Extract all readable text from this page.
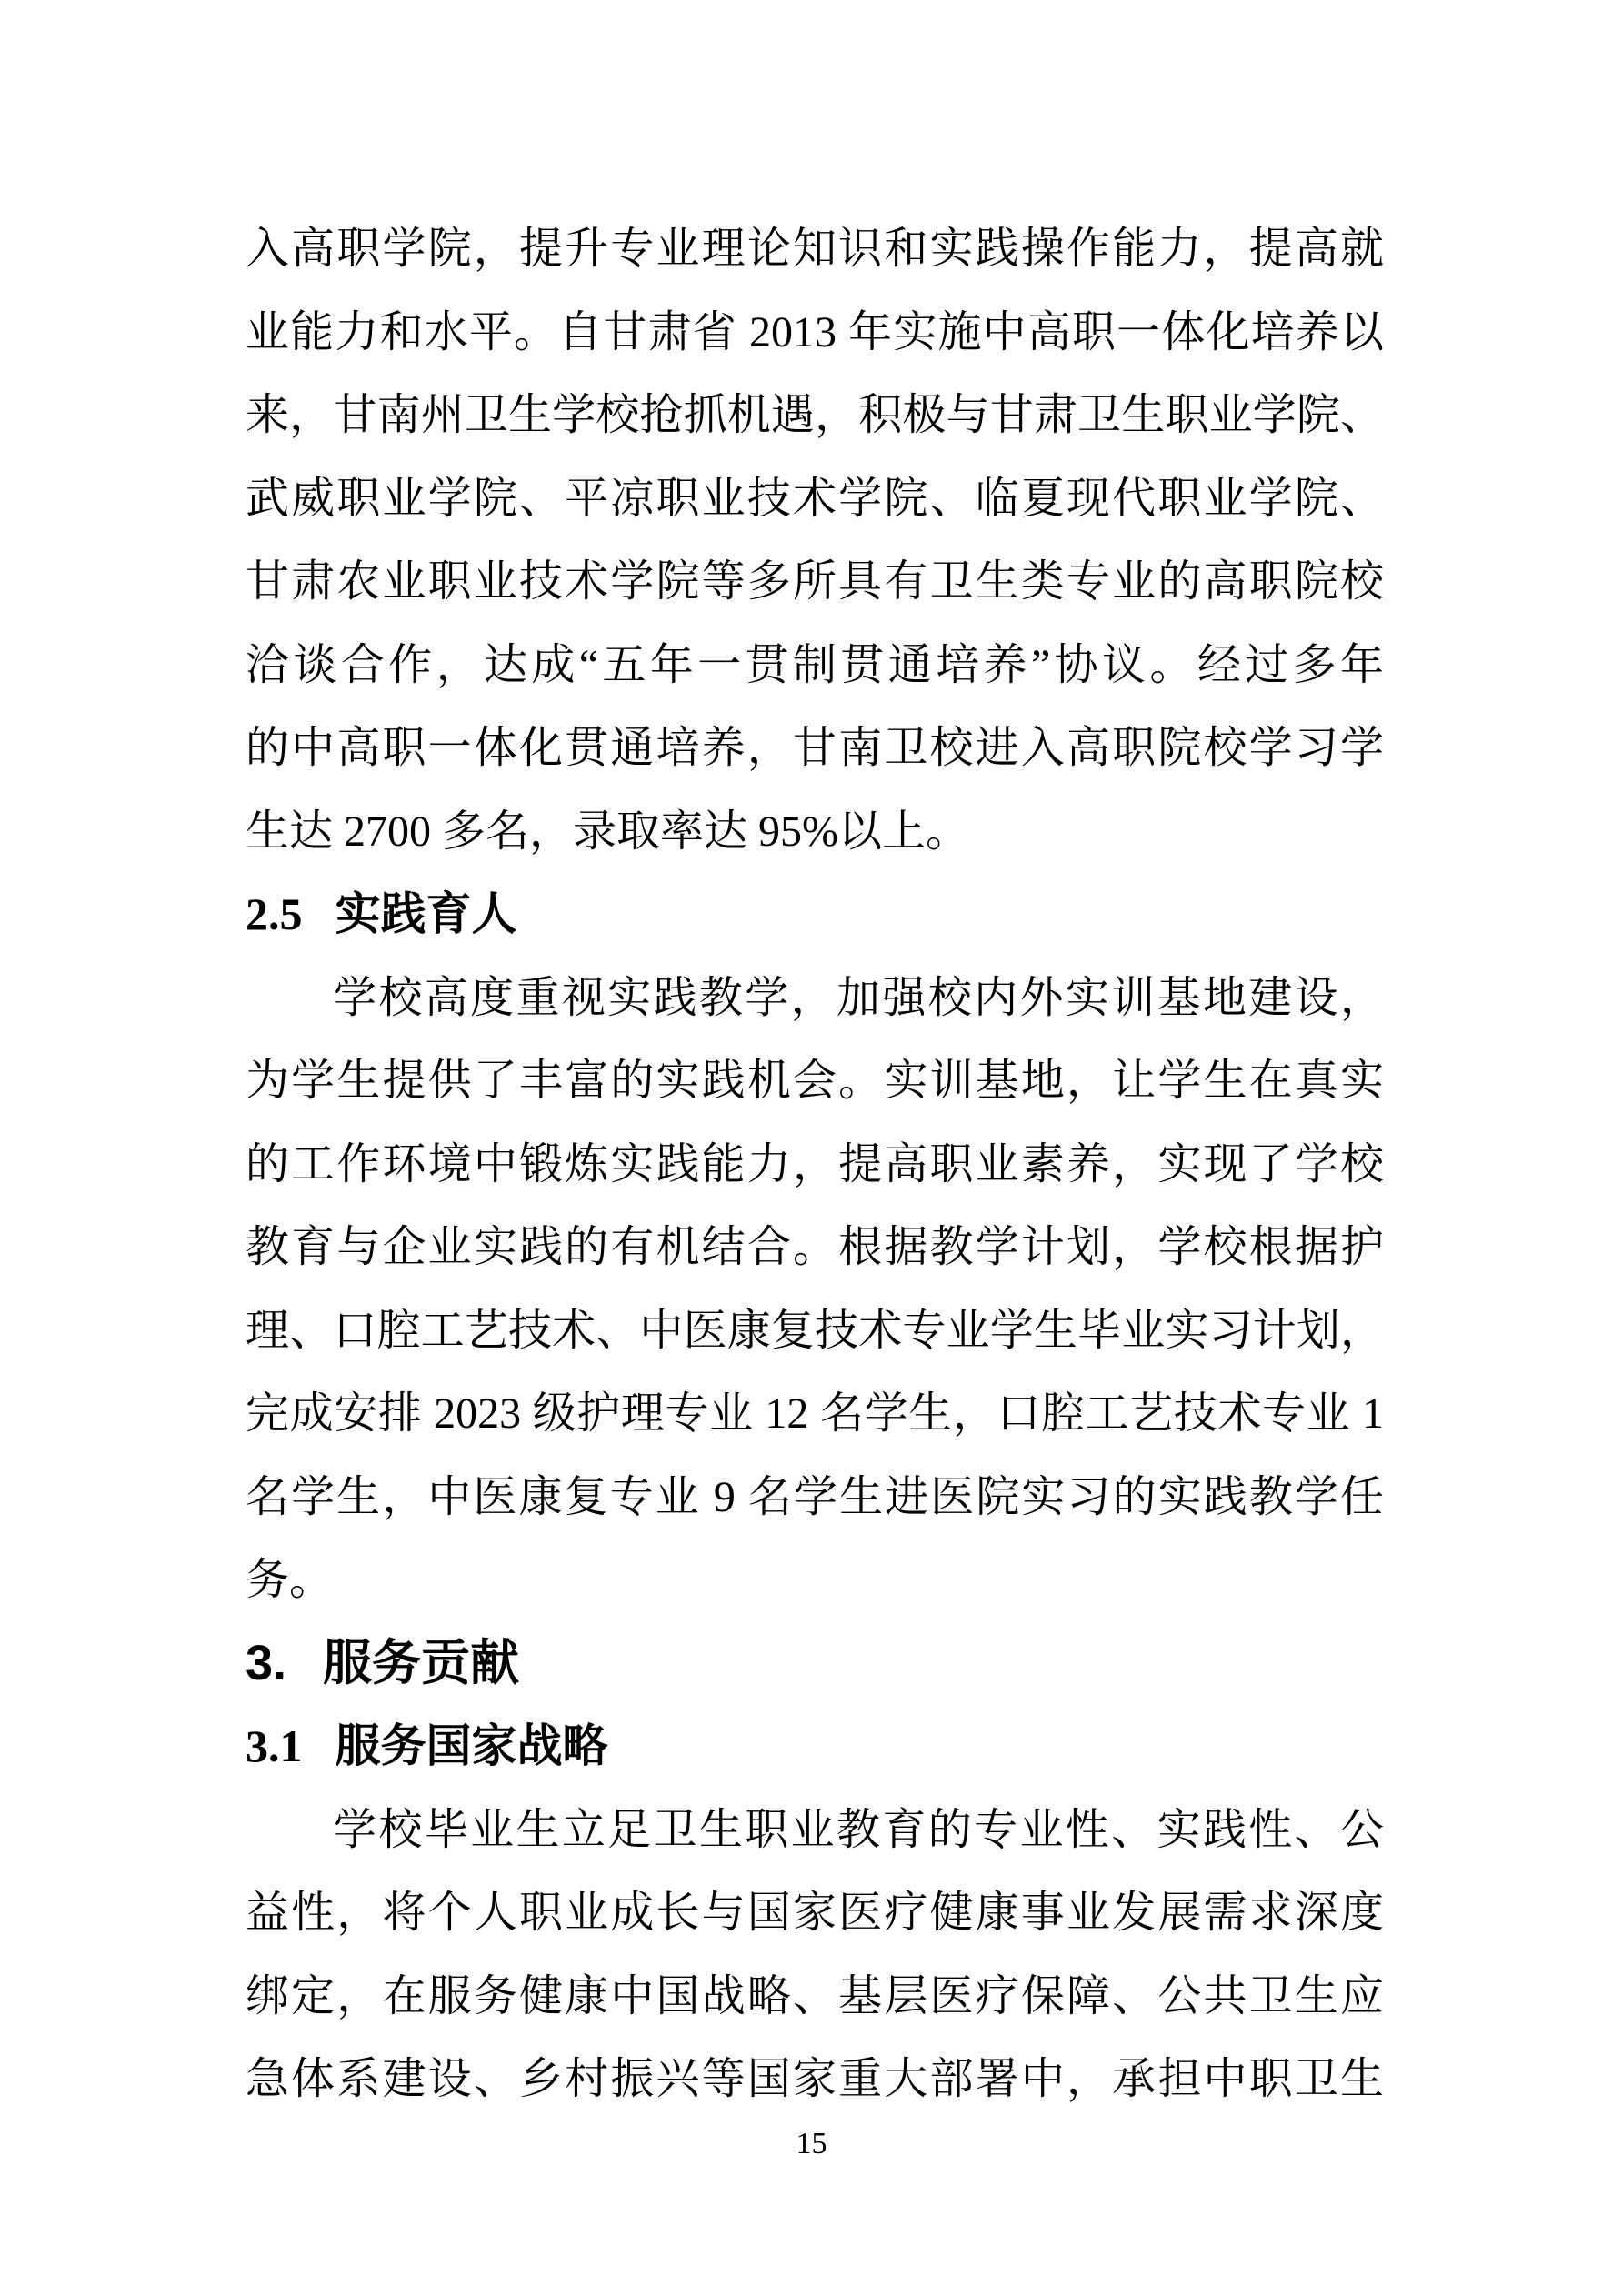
入高职学院，提升专业理论知识和实践操作能力，提高就
业能力和水平。自甘肃省 2013 年实施中高职一体化培养以
来，甘南州卫生学校抢抓机遇，积极与甘肃卫生职业学院、
武威职业学院、平凉职业技术学院、临夏现代职业学院、
甘肃农业职业技术学院等多所具有卫生类专业的高职院校
洽谈合作，达成“五年一贯制贯通培养”协议。经过多年
的中高职一体化贯通培养，甘南卫校进入高职院校学习学
生达 2700 多名，录取率达 95%以上。
2.5 实践育人
学校高度重视实践教学，加强校内外实训基地建设，
为学生提供了丰富的实践机会。实训基地，让学生在真实
的工作环境中锻炼实践能力，提高职业素养，实现了学校
教育与企业实践的有机结合。根据教学计划，学校根据护
理、口腔工艺技术、中医康复技术专业学生毕业实习计划，
完成安排 2023 级护理专业 12 名学生，口腔工艺技术专业 1
名学生，中医康复专业 9 名学生进医院实习的实践教学任
务。
3. 服务贡献
3.1 服务国家战略
学校毕业生立足卫生职业教育的专业性、实践性、公
益性，将个人职业成长与国家医疗健康事业发展需求深度
绑定，在服务健康中国战略、基层医疗保障、公共卫生应
急体系建设、乡村振兴等国家重大部署中，承担中职卫生
15
